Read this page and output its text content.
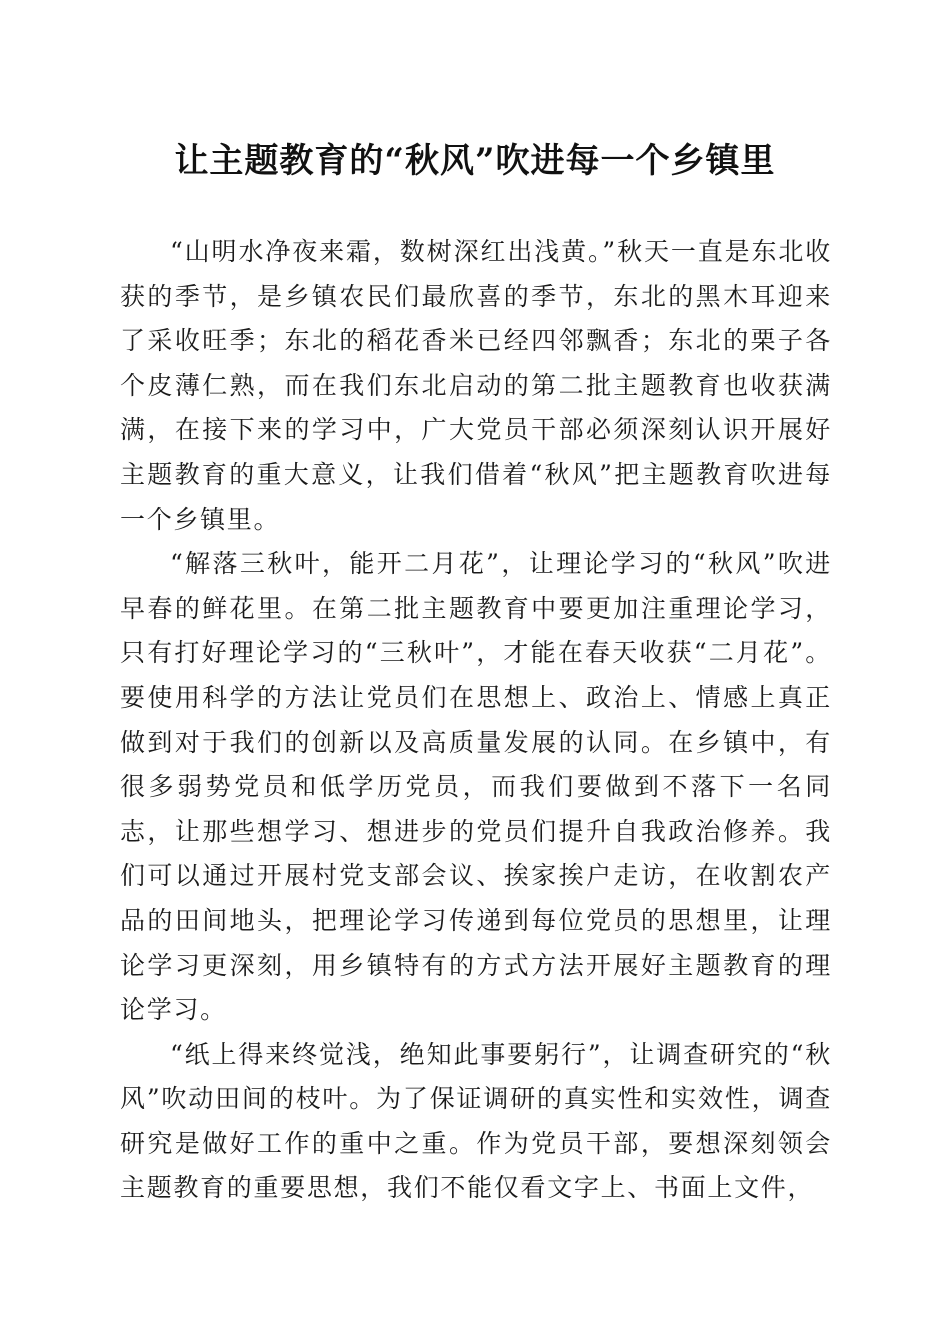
让主题教育的“秋风”吹进每一个乡镇里

“山明水净夜来霜，数树深红出浅黄。”秋天一直是东北收获的季节，是乡镇农民们最欣喜的季节，东北的黑木耳迎来了采收旺季；东北的稻花香米已经四邻飘香；东北的栗子各个皮薄仁熟，而在我们东北启动的第二批主题教育也收获满满，在接下来的学习中，广大党员干部必须深刻认识开展好主题教育的重大意义，让我们借着“秋风”把主题教育吹进每一个乡镇里。

“解落三秋叶，能开二月花”，让理论学习的“秋风”吹进早春的鲜花里。在第二批主题教育中要更加注重理论学习，只有打好理论学习的“三秋叶”，才能在春天收获“二月花”。要使用科学的方法让党员们在思想上、政治上、情感上真正做到对于我们的创新以及高质量发展的认同。在乡镇中，有很多弱势党员和低学历党员，而我们要做到不落下一名同志，让那些想学习、想进步的党员们提升自我政治修养。我们可以通过开展村党支部会议、挨家挨户走访，在收割农产品的田间地头，把理论学习传递到每位党员的思想里，让理论学习更深刻，用乡镇特有的方式方法开展好主题教育的理论学习。

“纸上得来终觉浅，绝知此事要躬行”，让调查研究的“秋风”吹动田间的枝叶。为了保证调研的真实性和实效性，调查研究是做好工作的重中之重。作为党员干部，要想深刻领会主题教育的重要思想，我们不能仅看文字上、书面上文件，
